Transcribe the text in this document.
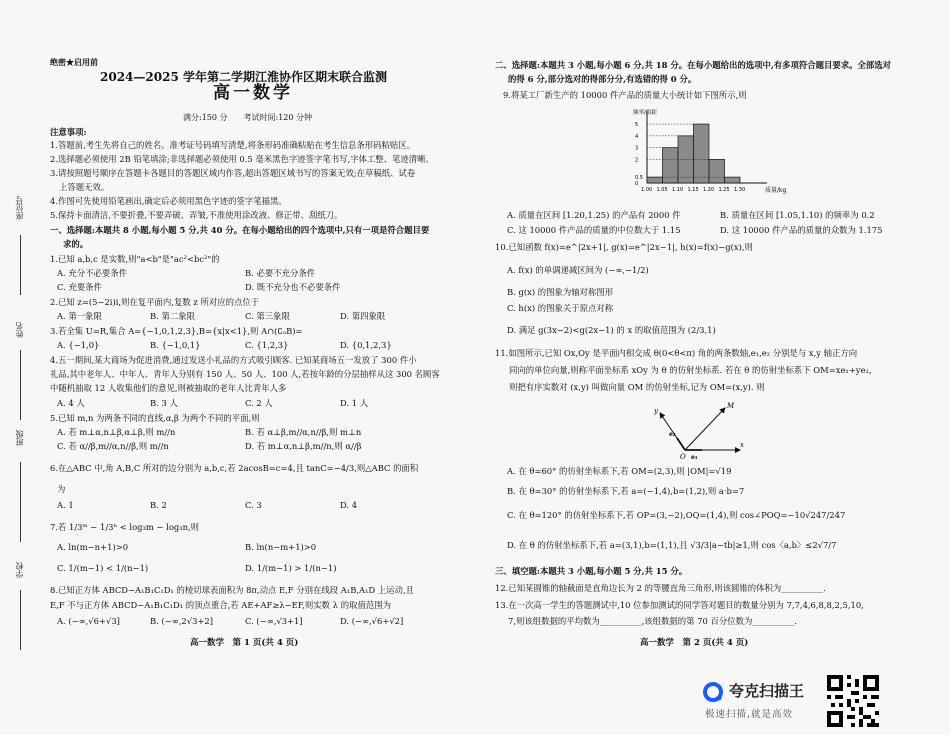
座位号
姓名
班级
学校
绝密★启用前
2024—2025 学年第二学期江淮协作区期末联合监测
高一数学
满分:150 分　　考试时间:120 分钟
注意事项:
1.答题前,考生先将自己的姓名、准考证号码填写清楚,将条形码准确粘贴在考生信息条形码粘贴区。
2.选择题必须使用 2B 铅笔填涂;非选择题必须使用 0.5 毫米黑色字迹签字笔书写,字体工整、笔迹清晰。
3.请按照题号顺序在答题卡各题目的答题区域内作答,超出答题区域书写的答案无效;在草稿纸、试卷
上答题无效。
4.作图可先使用铅笔画出,确定后必须用黑色字迹的签字笔描黑。
5.保持卡面清洁,不要折叠,不要弄破、弄皱,不准使用涂改液、修正带、刮纸刀。
一、选择题:本题共 8 小题,每小题 5 分,共 40 分。在每小题给出的四个选项中,只有一项是符合题目要
求的。
1.已知 a,b,c 是实数,则"a<b"是"ac²<bc²"的
A. 充分不必要条件	B. 必要不充分条件
C. 充要条件	D. 既不充分也不必要条件
2.已知 z=(5−2i)i,则在复平面内,复数 z 所对应的点位于
A. 第一象限	B. 第二象限	C. 第三象限	D. 第四象限
3.若全集 U=R,集合 A={−1,0,1,2,3},B={x|x<1},则 A∩(∁ᵤB)=
A. {−1,0}	B. {−1,0,1}	C. {1,2,3}	D. {0,1,2,3}
4.五一期间,某大商场为促进消费,通过发送小礼品的方式吸引顾客. 已知某商场五一发放了 300 件小
礼品,其中老年人、中年人、青年人分别有 150 人、50 人、100 人,若按年龄的分层抽样从这 300 名顾客
中随机抽取 12 人收集他们的意见,则被抽取的老年人比青年人多
A. 4 人	B. 3 人	C. 2 人	D. 1 人
5.已知 m,n 为两条不同的直线,α,β 为两个不同的平面,则
A. 若 m⊥α,n⊥β,α⊥β,则 m//n	B. 若 α⊥β,m//α,n//β,则 m⊥n
C. 若 α//β,m//α,n//β,则 m//n	D. 若 m⊥α,n⊥β,m//n,则 α//β
6.在△ABC 中,角 A,B,C 所对的边分别为 a,b,c,若 2acosB=c=4,且 tanC=−4/3,则△ABC 的面积
为
A. 1	B. 2	C. 3	D. 4
7.若 1/3ᵐ − 1/3ⁿ < log₃m − log₃n,则
A. ln(m−n+1)>0	B. ln(n−m+1)>0
C. 1/(m−1) < 1/(n−1)	D. 1/(m−1) > 1/(n−1)
8.已知正方体 ABCD−A₁B₁C₁D₁ 的棱切球表面积为 8π,动点 E,F 分别在线段 A₁B,A₁D 上运动,且
E,F 不与正方体 ABCD−A₁B₁C₁D₁ 的顶点重合,若 AE+AF≥λ−EF,则实数 λ 的取值范围为
A. (−∞,√6+√3]	B. (−∞,2√3+2]	C. (−∞,√3+1]	D. (−∞,√6+√2]
高一数学　第 1 页(共 4 页)
二、选择题:本题共 3 小题,每小题 6 分,共 18 分。在每小题给出的选项中,有多项符合题目要求。全部选对
的得 6 分,部分选对的得部分分,有选错的得 0 分。
9.将某工厂新生产的 10000 件产品的质量大小统计如下图所示,则
频率/组距
质量/kg
1.00 1.05 1.10 1.15 1.20 1.25 1.30
0
0.5
2
3
4
5
A. 质量在区间 [1.20,1.25) 的产品有 2000 件	B. 质量在区间 [1.05,1.10) 的频率为 0.2
C. 这 10000 件产品的质量的中位数大于 1.15	D. 这 10000 件产品的质量的众数为 1.175
10.已知函数 f(x)=e^|2x+1|, g(x)=e^|2x−1|, h(x)=f(x)−g(x),则
A. f(x) 的单调递减区间为 (−∞,−1/2)
B. g(x) 的图象为轴对称图形
C. h(x) 的图象关于原点对称
D. 满足 g(3x−2)<g(2x−1) 的 x 的取值范围为 (2/3,1)
11.如图所示,已知 Ox,Oy 是平面内相交成 θ(0<θ<π) 角的两条数轴,e₁,e₂ 分别是与 x,y 轴正方向
同向的单位向量,则称平面坐标系 xOy 为 θ 的仿射坐标系. 若在 θ 的仿射坐标系下 OM=xe₁+ye₂,
则把有序实数对 (x,y) 叫做向量 OM 的仿射坐标,记为 OM=(x,y). 则
y
x
M
O e₁
e₂
A. 在 θ=60° 的仿射坐标系下,若 OM=(2,3),则 |OM|=√19
B. 在 θ=30° 的仿射坐标系下,若 a=(−1,4),b=(1,2),则 a·b=7
C. 在 θ=120° 的仿射坐标系下,若 OP=(3,−2),OQ=(1,4),则 cos∠POQ=−10√247/247
D. 在 θ 的仿射坐标系下,若 a=(3,1),b=(1,1),且 √3/3|a−tb|≥1,则 cos〈a,b〉≤2√7/7
三、填空题:本题共 3 小题,每小题 5 分,共 15 分。
12.已知某圆锥的轴截面是直角边长为 2 的等腰直角三角形,则该圆锥的体积为__________.
13.在一次高一学生的答题测试中,10 位参加测试的同学答对题目的数量分别为 7,7,4,6,8,8,2,5,10,
7,则该组数据的平均数为__________,该组数据的第 70 百分位数为__________.
高一数学　第 2 页(共 4 页)
夸克扫描王
极速扫描,就是高效
